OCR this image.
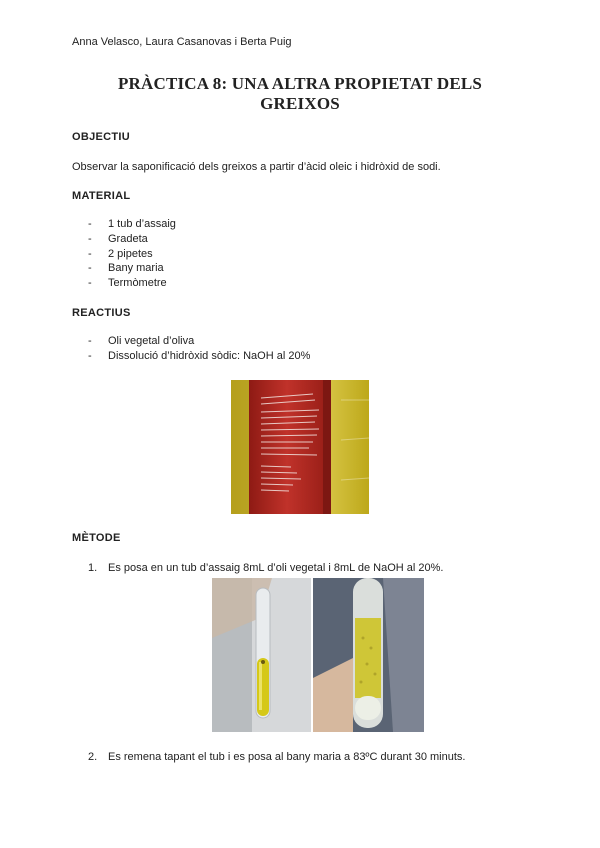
Anna Velasco, Laura Casanovas i Berta Puig
PRÀCTICA 8: UNA ALTRA PROPIETAT DELS
GREIXOS
OBJECTIU
Observar la saponificació dels greixos a partir d’àcid oleic i hidròxid de sodi.
MATERIAL
- 1 tub d’assaig
- Gradeta
- 2 pipetes
- Bany maria
- Termòmetre
REACTIUS
- Oli vegetal d’oliva
- Dissolució d’hidròxid sòdic: NaOH al 20%
MÈTODE
1. Es posa en un tub d’assaig 8mL d’oli vegetal i 8mL de NaOH al 20%.
2. Es remena tapant el tub i es posa al bany maria a 83ºC durant 30 minuts.
